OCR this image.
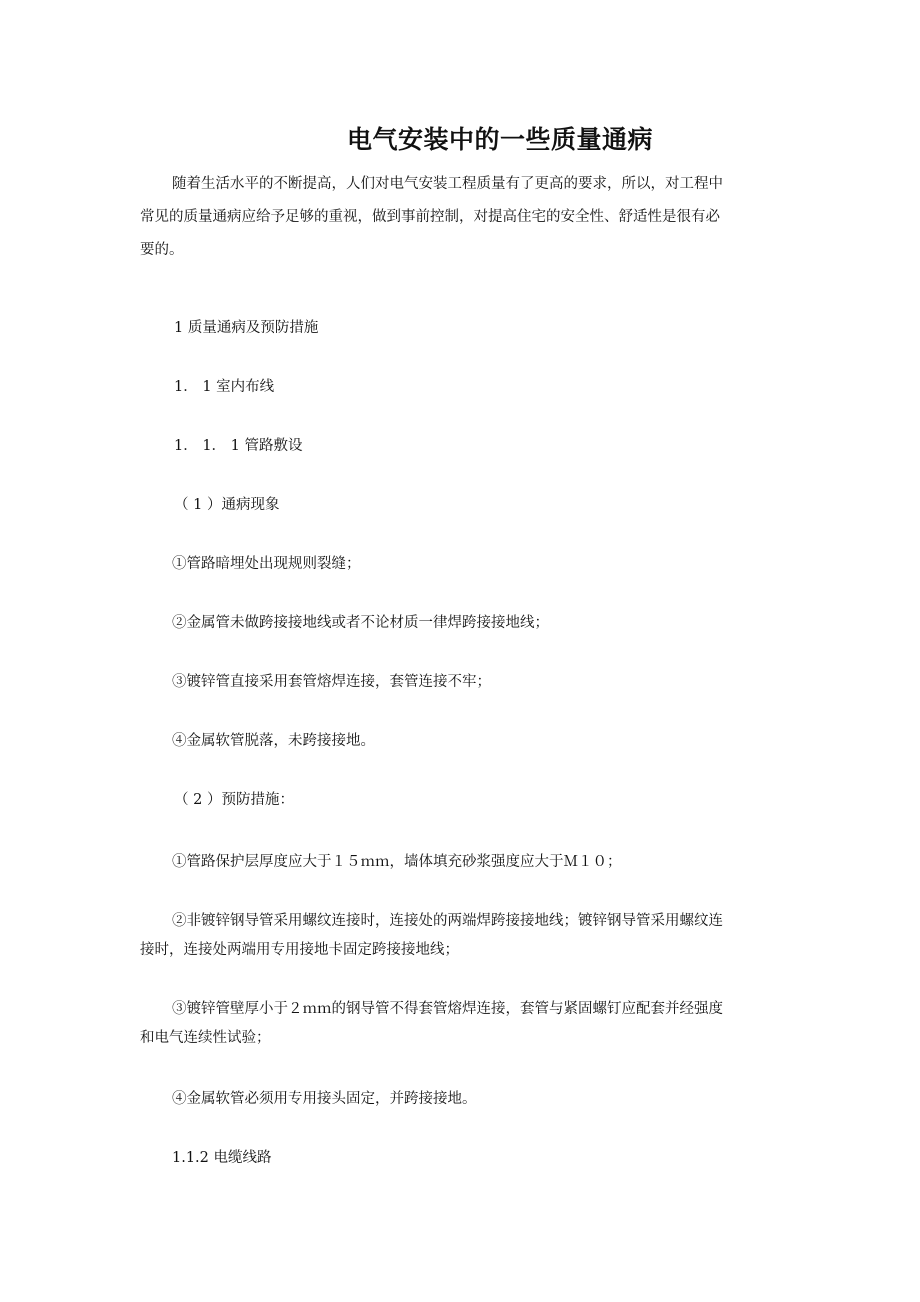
电气安装中的一些质量通病
随着生活水平的不断提高，人们对电气安装工程质量有了更高的要求，所以，对工程中
常见的质量通病应给予足够的重视，做到事前控制，对提高住宅的安全性、舒适性是很有必
要的。
1 质量通病及预防措施
1． 1 室内布线
1． 1． 1 管路敷设
（ 1 ）通病现象
①管路暗埋处出现规则裂缝；
②金属管未做跨接接地线或者不论材质一律焊跨接接地线；
③镀锌管直接采用套管熔焊连接，套管连接不牢；
④金属软管脱落，未跨接接地。
（ 2 ）预防措施：
①管路保护层厚度应大于１５ｍｍ，墙体填充砂浆强度应大于Ｍ１０；
②非镀锌钢导管采用螺纹连接时，连接处的两端焊跨接接地线；镀锌钢导管采用螺纹连
接时，连接处两端用专用接地卡固定跨接接地线；
③镀锌管壁厚小于２ｍｍ的钢导管不得套管熔焊连接，套管与紧固螺钉应配套并经强度
和电气连续性试验；
④金属软管必须用专用接头固定，并跨接接地。
1.1.2 电缆线路
